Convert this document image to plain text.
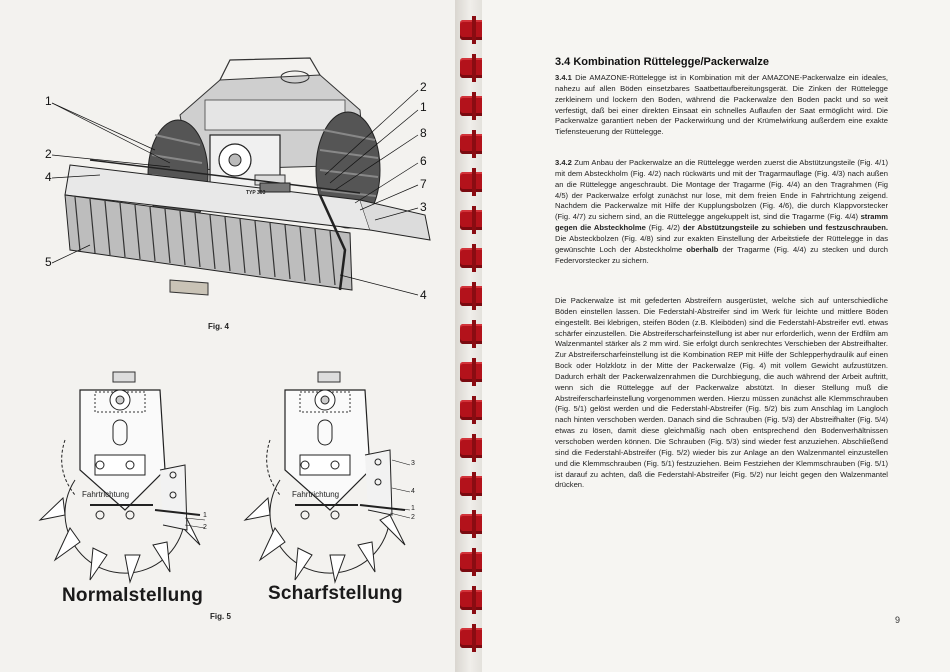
1
2
4
5
2
1
8
6
7
3
4
TYP 303
Fig. 4
Fahrtrichtung
1
2
Normalstellung
Fahrtrichtung
3
4
1
2
Scharfstellung
Fig. 5
3.4 Kombination Rüttelegge/Packerwalze

3.4.1 Die AMAZONE-Rüttelegge ist in Kombination mit der AMAZONE-Packerwalze ein ideales, nahezu auf allen Böden einsetzbares Saatbettaufbereitungsgerät. Die Zinken der Rüttelegge zerkleinern und lockern den Boden, während die Packerwalze den Boden packt und so weit verfestigt, daß bei einer direkten Einsaat ein schnelles Auflaufen der Saat ermöglicht wird. Die Packerwalze garantiert neben der Packerwirkung und der Krümelwirkung außerdem eine exakte Tiefensteuerung der Rüttelegge.

3.4.2 Zum Anbau der Packerwalze an die Rüttelegge werden zuerst die Abstützungsteile (Fig. 4/1) mit dem Absteckholm (Fig. 4/2) nach rückwärts und mit der Tragarmauflage (Fig. 4/3) nach außen an die Rüttelegge angeschraubt. Die Montage der Tragarme (Fig. 4/4) an den Tragrahmen (Fig 4/5) der Packerwalze erfolgt zunächst nur lose, mit dem freien Ende in Fahrtrichtung zeigend. Nachdem die Packerwalze mit Hilfe der Kupplungsbolzen (Fig. 4/6), die durch Klappvorstecker (Fig. 4/7) zu sichern sind, an die Rüttelegge angekuppelt ist, sind die Tragarme (Fig. 4/4) stramm gegen die Absteckholme (Fig. 4/2) der Abstützungsteile zu schieben und festzuschrauben. Die Absteckbolzen (Fig. 4/8) sind zur exakten Einstellung der Arbeitstiefe der Rüttelegge in das gewünschte Loch der Absteckholme oberhalb der Tragarme (Fig. 4/4) zu stecken und durch Federvorstecker zu sichern.

Die Packerwalze ist mit gefederten Abstreifern ausgerüstet, welche sich auf unterschiedliche Böden einstellen lassen. Die Federstahl-Abstreifer sind im Werk für leichte und mittlere Böden eingestellt. Bei klebrigen, steifen Böden (z.B. Kleiböden) sind die Federstahl-Abstreifer evtl. etwas schärfer einzustellen. Die Abstreiferscharfeinstellung ist aber nur erforderlich, wenn der Erdfilm am Walzenmantel stärker als 2 mm wird. Sie erfolgt durch senkrechtes Verschieben der Abstreifhalter. Zur Abstreiferscharfeinstellung ist die Kombination REP mit Hilfe der Schlepperhydraulik auf einen Bock oder Holzklotz in der Mitte der Packerwalze (Fig. 4) mit vollem Gewicht aufzustützen. Dadurch erhält der Packerwalzenrahmen die Durchbiegung, die auch während der Arbeit auftritt, wenn sich die Rüttelegge auf der Packerwalze abstützt. In dieser Stellung muß die Abstreiferscharfeinstellung vorgenommen werden. Hierzu müssen zunächst alle Klemmschrauben (Fig. 5/1) gelöst werden und die Federstahl-Abstreifer (Fig. 5/2) bis zum Anschlag im Langloch nach hinten verschoben werden. Danach sind die Schrauben (Fig. 5/3) der Abstreifhalter (Fig. 5/4) etwas zu lösen, damit diese gleichmäßig nach oben entsprechend den Bodenverhältnissen verschoben werden können. Die Schrauben (Fig. 5/3) sind wieder fest anzuziehen. Abschließend sind die Federstahl-Abstreifer (Fig. 5/2) wieder bis zur Anlage an den Walzenmantel einzustellen und die Klemmschrauben (Fig. 5/1) festzuziehen. Beim Festziehen der Klemmschrauben (Fig. 5/1) ist darauf zu achten, daß die Federstahl-Abstreifer (Fig. 5/2) nur leicht gegen den Walzenmantel drücken.

9
